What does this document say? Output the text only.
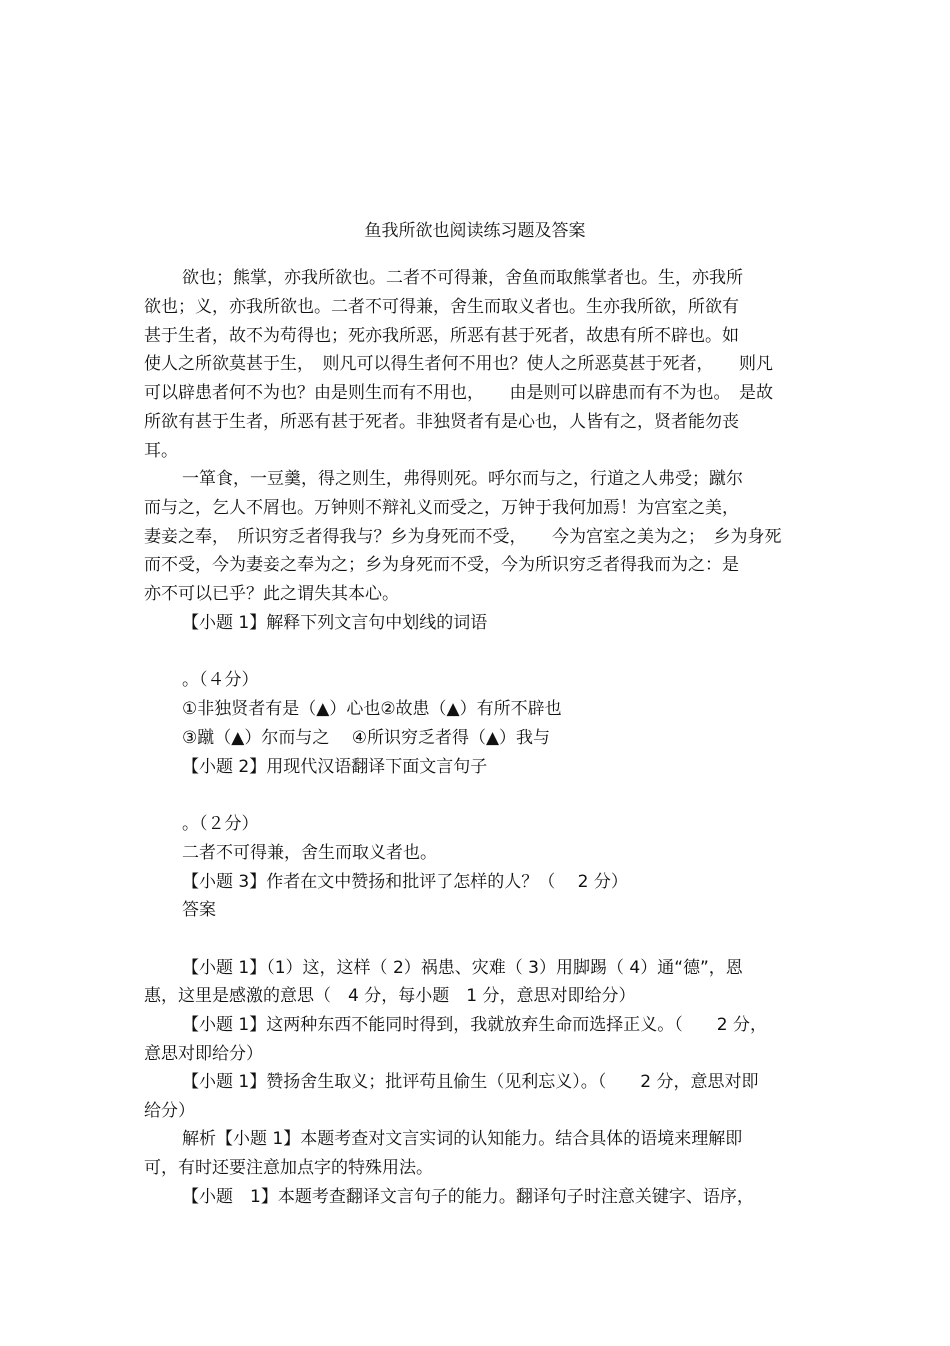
鱼我所欲也阅读练习题及答案
欲也；熊掌，亦我所欲也。二者不可得兼，舍鱼而取熊掌者也。生，亦我所
欲也；义，亦我所欲也。二者不可得兼，舍生而取义者也。生亦我所欲，所欲有
甚于生者，故不为苟得也；死亦我所恶，所恶有甚于死者，故患有所不辟也。如
使人之所欲莫甚于生，　则凡可以得生者何不用也？使人之所恶莫甚于死者，　　则凡
可以辟患者何不为也？由是则生而有不用也，　　由是则可以辟患而有不为也。　是故
所欲有甚于生者，所恶有甚于死者。非独贤者有是心也，人皆有之，贤者能勿丧
耳。
一箪食，一豆羹，得之则生，弗得则死。呼尔而与之，行道之人弗受；蹴尔
而与之，乞人不屑也。万钟则不辩礼义而受之，万钟于我何加焉！为宫室之美，
妻妾之奉，　所识穷乏者得我与？乡为身死而不受，　　今为宫室之美为之；　乡为身死
而不受，今为妻妾之奉为之；乡为身死而不受，今为所识穷乏者得我而为之：是
亦不可以已乎？此之谓失其本心。
【小题 1】解释下列文言句中划线的词语
。（４分）
①非独贤者有是（▲）心也②故患（▲）有所不辟也
③蹴（▲）尔而与之　 ④所识穷乏者得（▲）我与
【小题 2】用现代汉语翻译下面文言句子
。（２分）
二者不可得兼，舍生而取义者也。
【小题 3】作者在文中赞扬和批评了怎样的人？（　 2 分）
答案
【小题 1】（1）这，这样（ 2）祸患、灾难（ 3）用脚踢（ 4）通“德”，恩
惠，这里是感激的意思（　4 分，每小题　1 分，意思对即给分）
【小题 1】这两种东西不能同时得到，我就放弃生命而选择正义。（　　2 分，
意思对即给分）
【小题 1】赞扬舍生取义；批评苟且偷生（见利忘义）。（　　2 分，意思对即
给分）
解析【小题 1】本题考查对文言实词的认知能力。结合具体的语境来理解即
可，有时还要注意加点字的特殊用法。
【小题　1】本题考查翻译文言句子的能力。翻译句子时注意关键字、语序，
